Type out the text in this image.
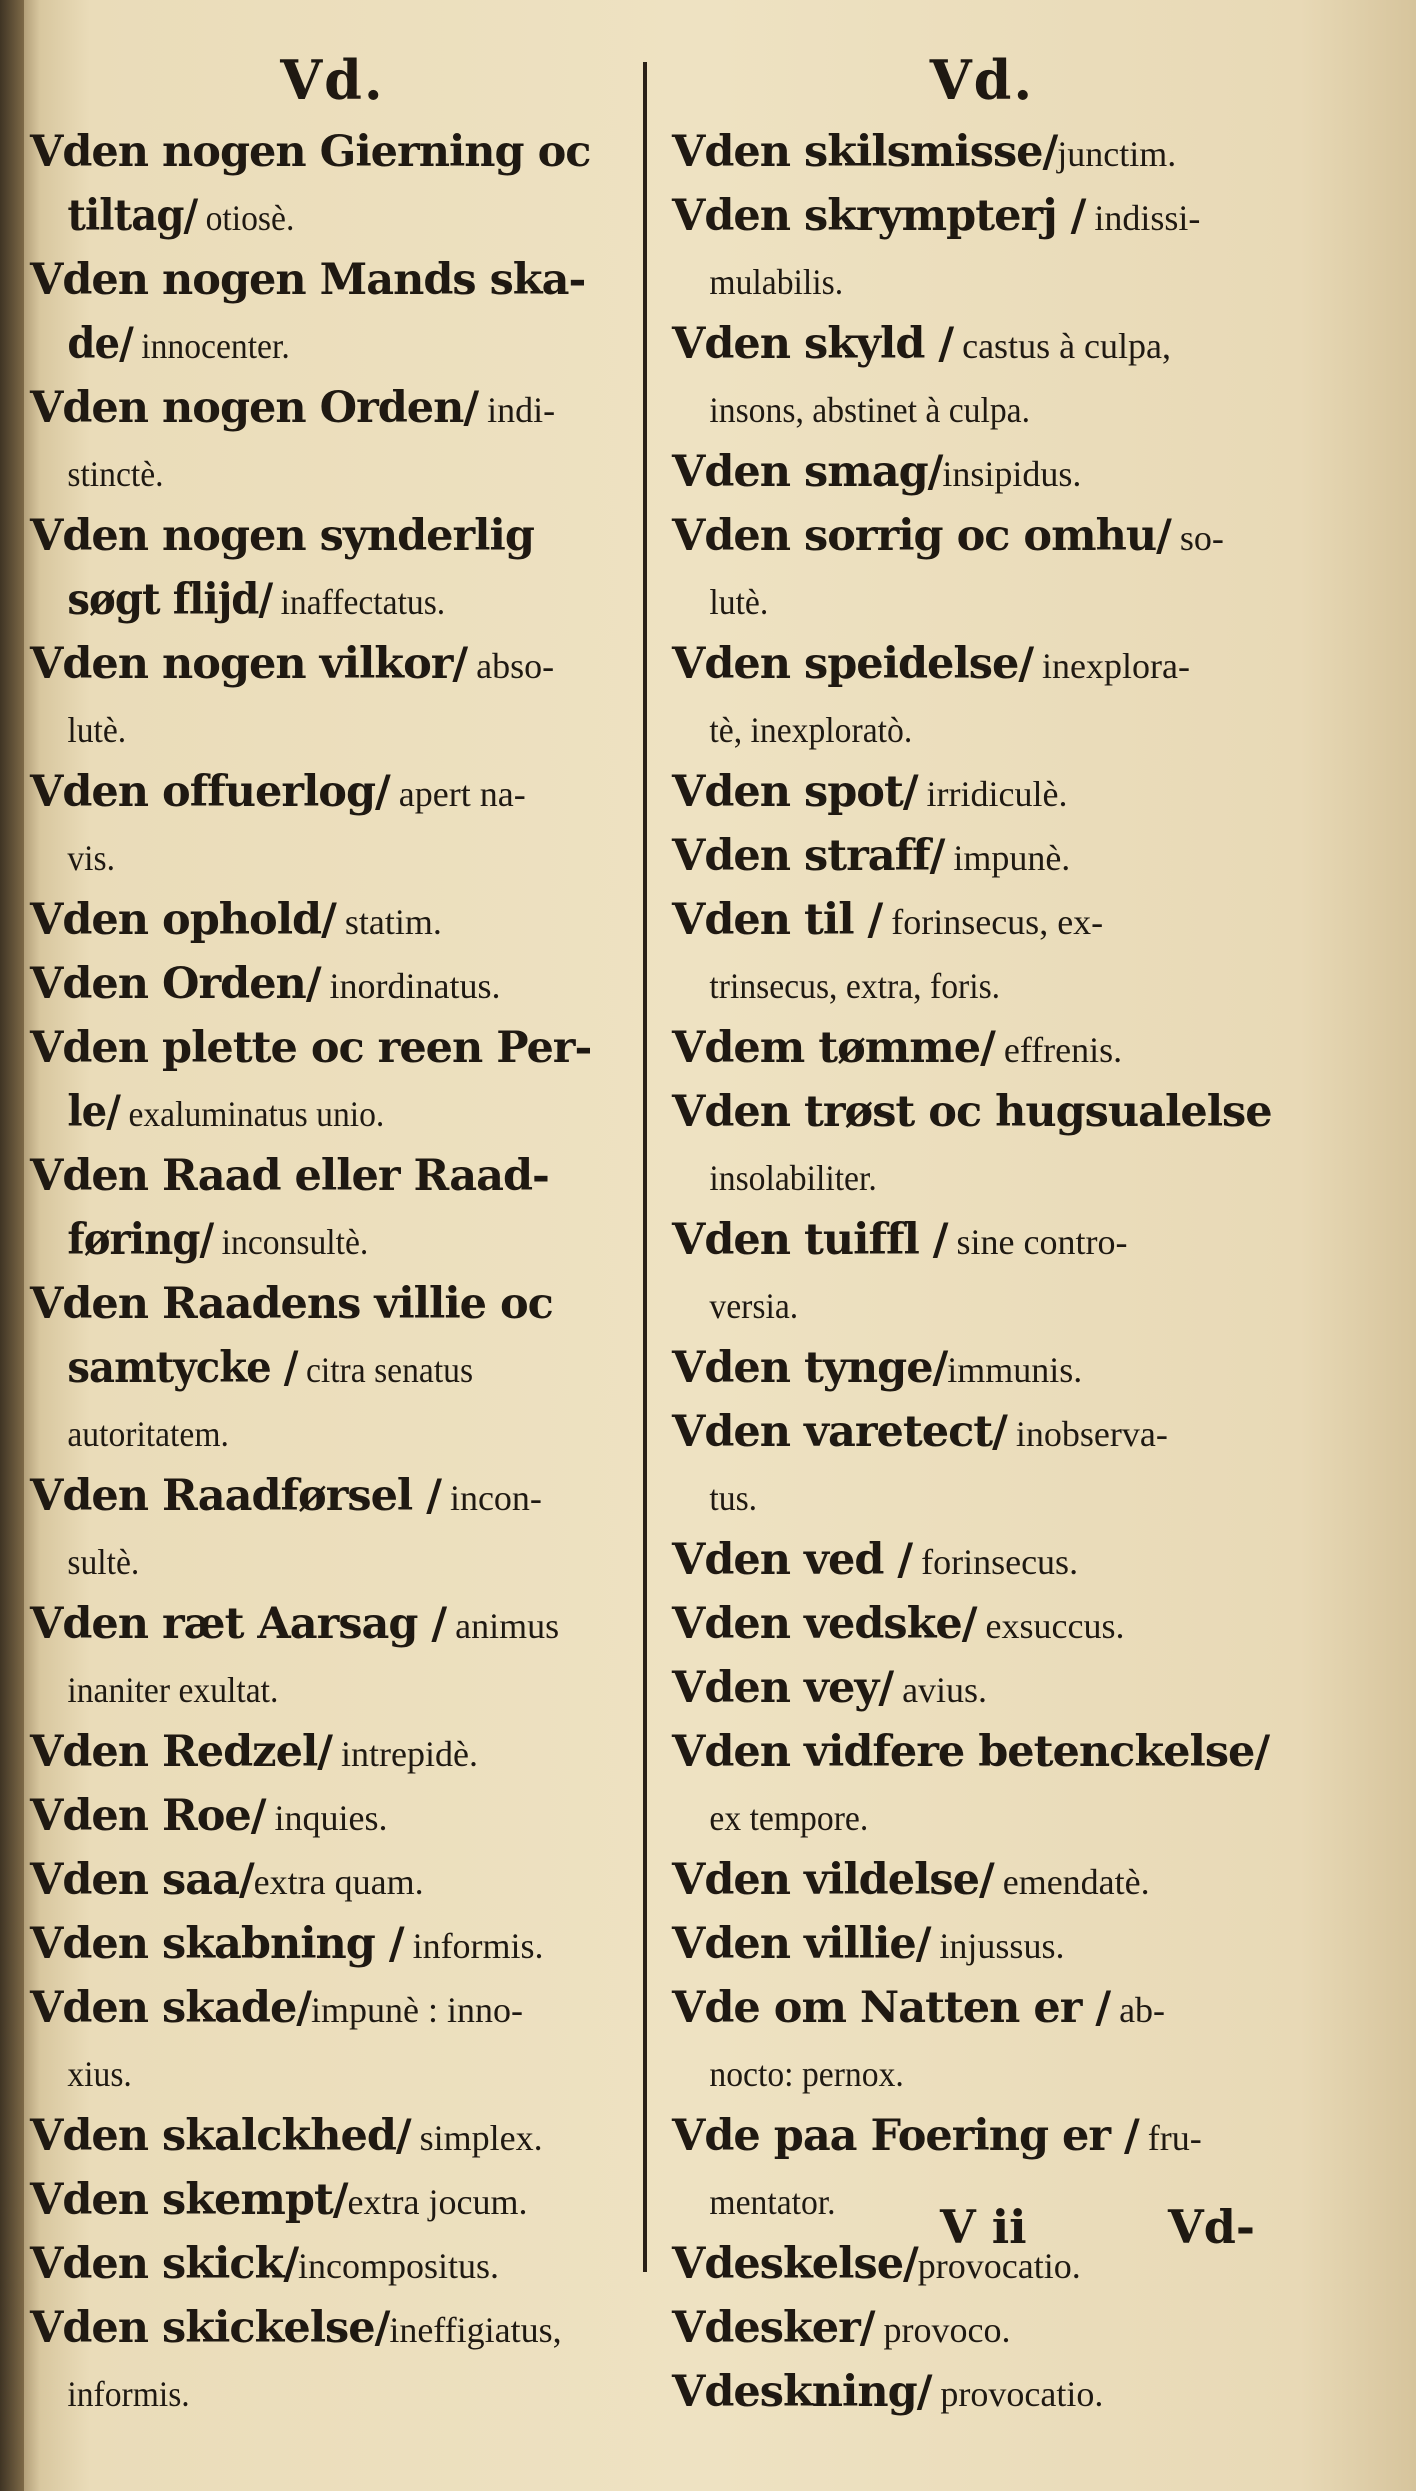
Vd.
Vden nogen Gierning oc
tiltag/ otiosè.
Vden nogen Mands ska-
de/ innocenter.
Vden nogen Orden/ indi-
stinctè.
Vden nogen synderlig
søgt flijd/ inaffectatus.
Vden nogen vilkor/ abso-
lutè.
Vden offuerlog/ apert na-
vis.
Vden ophold/ statim.
Vden Orden/ inordinatus.
Vden plette oc reen Per-
le/ exaluminatus unio.
Vden Raad eller Raad-
føring/ inconsultè.
Vden Raadens villie oc
samtycke / citra senatus
autoritatem.
Vden Raadførsel / incon-
sultè.
Vden ræt Aarsag / animus
inaniter exultat.
Vden Redzel/ intrepidè.
Vden Roe/ inquies.
Vden saa/extra quam.
Vden skabning / informis.
Vden skade/impunè : inno-
xius.
Vden skalckhed/ simplex.
Vden skempt/extra jocum.
Vden skick/incompositus.
Vden skickelse/ineffigiatus,
informis.
Vd.
Vden skilsmisse/junctim.
Vden skrympterj / indissi-
mulabilis.
Vden skyld / castus à culpa,
insons, abstinet à culpa.
Vden smag/insipidus.
Vden sorrig oc omhu/ so-
lutè.
Vden speidelse/ inexplora-
tè, inexploratò.
Vden spot/ irridiculè.
Vden straff/ impunè.
Vden til / forinsecus, ex-
trinsecus, extra, foris.
Vdem tømme/ effrenis.
Vden trøst oc hugsualelse
insolabiliter.
Vden tuiffl / sine contro-
versia.
Vden tynge/immunis.
Vden varetect/ inobserva-
tus.
Vden ved / forinsecus.
Vden vedske/ exsuccus.
Vden vey/ avius.
Vden vidfere betenckelse/
ex tempore.
Vden vildelse/ emendatè.
Vden villie/ injussus.
Vde om Natten er / ab-
nocto: pernox.
Vde paa Foering er / fru-
mentator.
Vdeskelse/provocatio.
Vdesker/ provoco.
Vdeskning/ provocatio.
V ii	Vd-
